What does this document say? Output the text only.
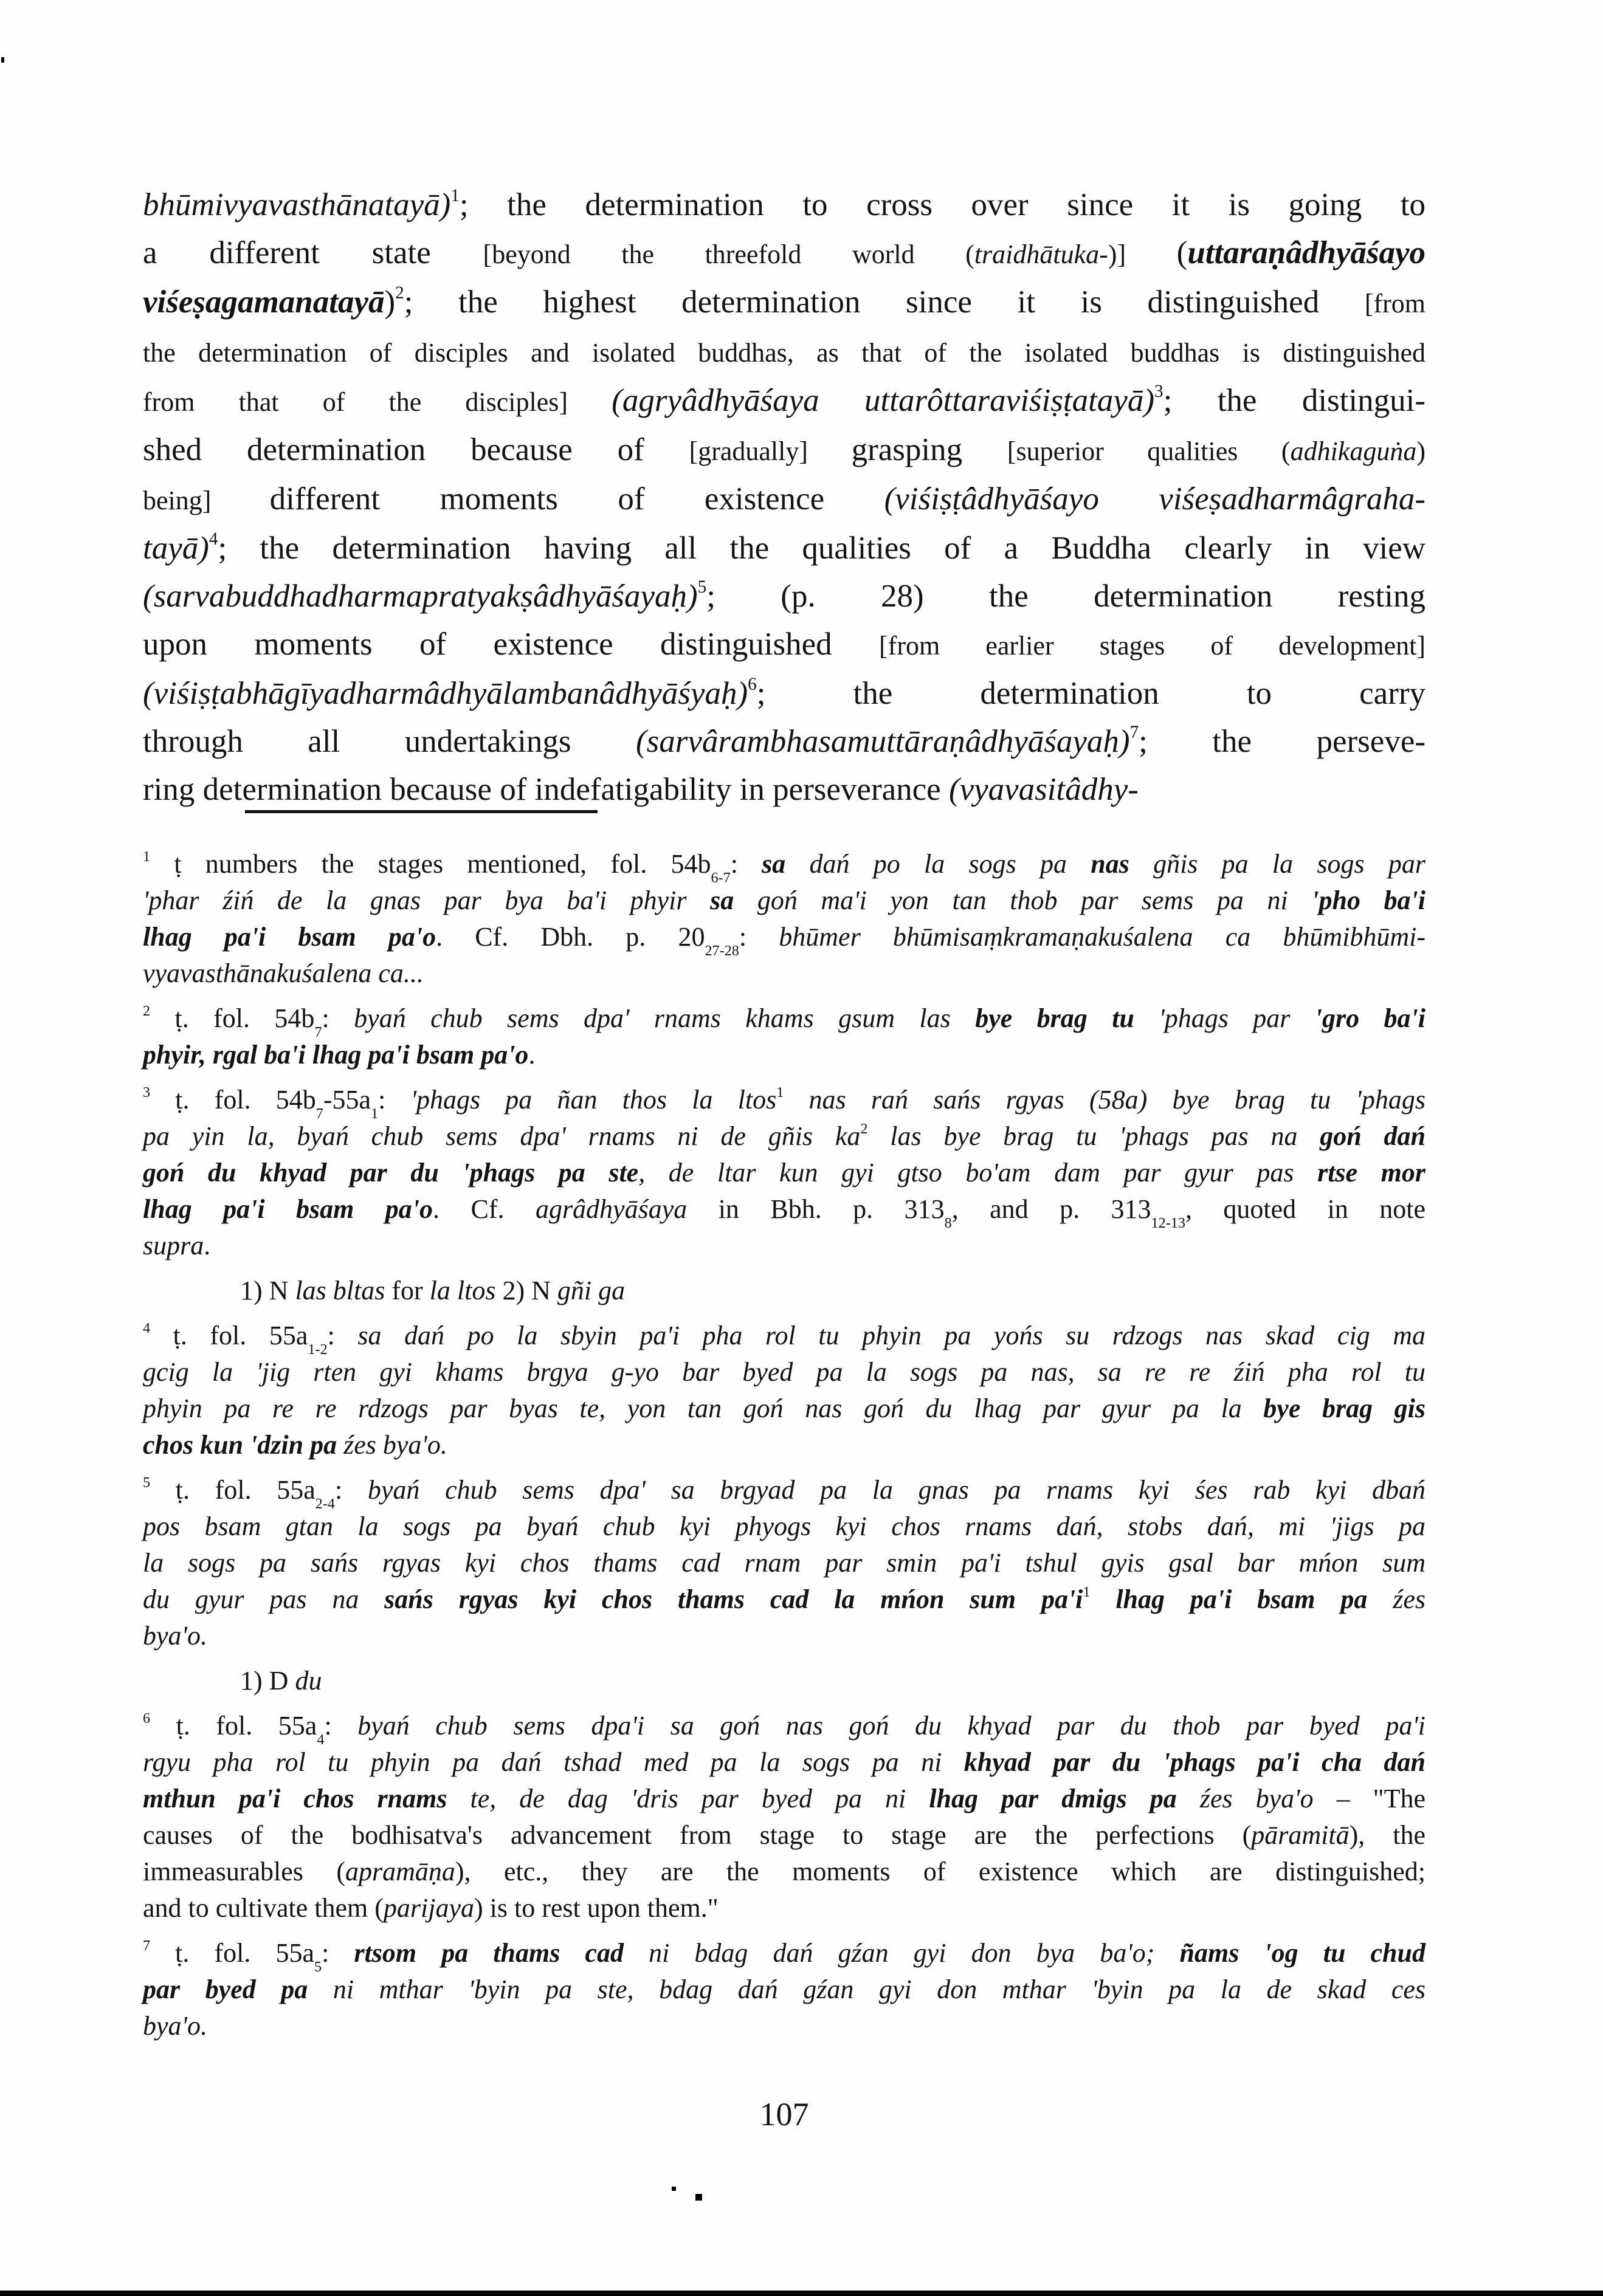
bhūmivyavasthānatayā)$^1$; the determination to cross over since it is going to
a different state [beyond the threefold world (traidhātuka-)] (uttaraṇâdhyāśayo
viśeṣagamanatayā)$^2$; the highest determination since it is distinguished [from
the determination of disciples and isolated buddhas, as that of the isolated buddhas is distinguished
from that of the disciples] (agryâdhyāśaya uttarôttaraviśiṣṭatayā)$^3$; the distingui-
shed determination because of [gradually] grasping [superior qualities (adhikaguṅa)
being] different moments of existence (viśiṣṭâdhyāśayo viśeṣadharmâgraha-
tayā)$^4$; the determination having all the qualities of a Buddha clearly in view
(sarvabuddhadharmapratyakṣâdhyāśayaḥ)$^5$; (p. 28) the determination resting
upon moments of existence distinguished [from earlier stages of development]
(viśiṣṭabhāgīyadharmâdhyālambanâdhyāśyaḥ)$^6$; the determination to carry
through all undertakings (sarvârambhasamuttāraṇâdhyāśayaḥ)$^7$; the perseve-
ring determination because of indefatigability in perseverance (vyavasitâdhy-
$^1$ ṭ numbers the stages mentioned, fol. $54b_{6-7}$: sa dań po la sogs pa nas gñis pa la sogs par
'phar źiń de la gnas par bya ba'i phyir sa goń ma'i yon tan thob par sems pa ni 'pho ba'i
lhag pa'i bsam pa'o. Cf. Dbh. p. $20_{27-28}$: bhūmer bhūmisaṃkramaṇakuśalena ca bhūmibhūmi-
vyavasthānakuśalena ca...
$^2$ ṭ. fol. $54b_7$: byań chub sems dpa' rnams khams gsum las bye brag tu 'phags par 'gro ba'i
phyir, rgal ba'i lhag pa'i bsam pa'o.
$^3$ ṭ. fol. $54b_7-55a_1$: 'phags pa ñan thos la ltos$^1$ nas rań sańs rgyas (58a) bye brag tu 'phags
pa yin la, byań chub sems dpa' rnams ni de gñis $ka^2$ las bye brag tu 'phags pas na goń dań
goń du khyad par du 'phags pa ste, de ltar kun gyi gtso bo'am dam par gyur pas rtse mor
lhag pa'i bsam pa'o. Cf. agrâdhyāśaya in Bbh. p. $313_8$, and p. $313_{12-13}$, quoted in note
supra.
1) N las bltas for la ltos 2) N gñi ga
$^4$ ṭ. fol. $55a_{1-2}$: sa dań po la sbyin pa'i pha rol tu phyin pa yońs su rdzogs nas skad cig ma
gcig la 'jig rten gyi khams brgya g-yo bar byed pa la sogs pa nas, sa re re źiń pha rol tu
phyin pa re re rdzogs par byas te, yon tan goń nas goń du lhag par gyur pa la bye brag gis
chos kun 'dzin pa źes bya'o.
$^5$ ṭ. fol. $55a_{2-4}$: byań chub sems dpa' sa brgyad pa la gnas pa rnams kyi śes rab kyi dbań
pos bsam gtan la sogs pa byań chub kyi phyogs kyi chos rnams dań, stobs dań, mi 'jigs pa
la sogs pa sańs rgyas kyi chos thams cad rnam par smin pa'i tshul gyis gsal bar mńon sum
du gyur pas na sańs rgyas kyi chos thams cad la mńon sum $pa'i^1$ lhag pa'i bsam pa źes
bya'o.
1) D du
$^6$ ṭ. fol. $55a_4$: byań chub sems dpa'i sa goń nas goń du khyad par du thob par byed pa'i
rgyu pha rol tu phyin pa dań tshad med pa la sogs pa ni khyad par du 'phags pa'i cha dań
mthun pa'i chos rnams te, de dag 'dris par byed pa ni lhag par dmigs pa źes bya'o – "The
causes of the bodhisatva's advancement from stage to stage are the perfections (pāramitā), the
immeasurables (apramāṇa), etc., they are the moments of existence which are distinguished;
and to cultivate them (parijaya) is to rest upon them."
$^7$ ṭ. fol. $55a_5$: rtsom pa thams cad ni bdag dań gźan gyi don bya ba'o; ñams 'og tu chud
par byed pa ni mthar 'byin pa ste, bdag dań gźan gyi don mthar 'byin pa la de skad ces
bya'o.
107
